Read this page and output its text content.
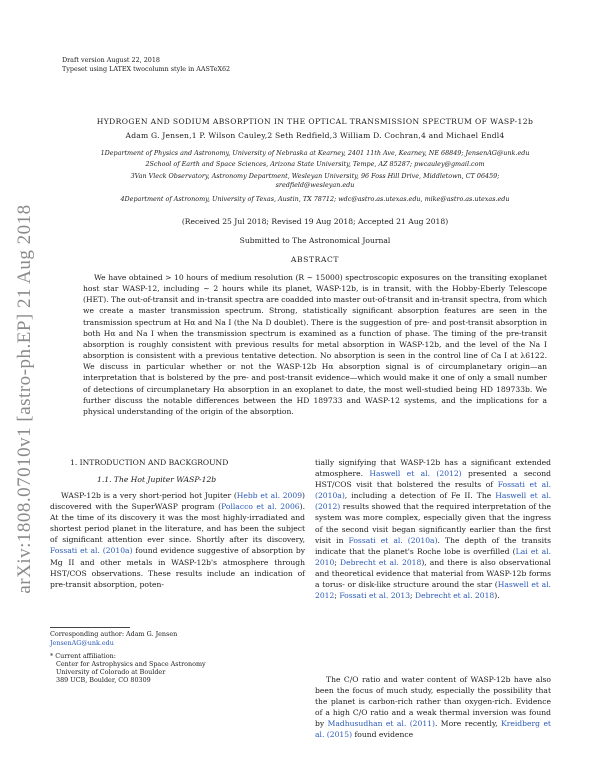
arXiv:1808.07010v1 [astro-ph.EP] 21 Aug 2018
Draft version August 22, 2018
Typeset using LATEX twocolumn style in AASTeX62
HYDROGEN AND SODIUM ABSORPTION IN THE OPTICAL TRANSMISSION SPECTRUM OF WASP-12b
Adam G. Jensen,1 P. Wilson Cauley,2 Seth Redfield,3 William D. Cochran,4 and Michael Endl4
1Department of Physics and Astronomy, University of Nebraska at Kearney, 2401 11th Ave, Kearney, NE 68849; JensenAG@unk.edu
2School of Earth and Space Sciences, Arizona State University, Tempe, AZ 85287; pwcauley@gmail.com
3Van Vleck Observatory, Astronomy Department, Wesleyan University, 96 Foss Hill Drive, Middletown, CT 06459;
sredfield@wesleyan.edu
4Department of Astronomy, University of Texas, Austin, TX 78712; wdc@astro.as.utexas.edu, mike@astro.as.utexas.edu
(Received 25 Jul 2018; Revised 19 Aug 2018; Accepted 21 Aug 2018)
Submitted to The Astronomical Journal
ABSTRACT
We have obtained > 10 hours of medium resolution (R ∼ 15000) spectroscopic exposures on the transiting exoplanet host star WASP-12, including ∼ 2 hours while its planet, WASP-12b, is in transit, with the Hobby-Eberly Telescope (HET). The out-of-transit and in-transit spectra are coadded into master out-of-transit and in-transit spectra, from which we create a master transmission spectrum. Strong, statistically significant absorption features are seen in the transmission spectrum at Hα and Na I (the Na D doublet). There is the suggestion of pre- and post-transit absorption in both Hα and Na I when the transmission spectrum is examined as a function of phase. The timing of the pre-transit absorption is roughly consistent with previous results for metal absorption in WASP-12b, and the level of the Na I absorption is consistent with a previous tentative detection. No absorption is seen in the control line of Ca I at λ6122. We discuss in particular whether or not the WASP-12b Hα absorption signal is of circumplanetary origin—an interpretation that is bolstered by the pre- and post-transit evidence—which would make it one of only a small number of detections of circumplanetary Hα absorption in an exoplanet to date, the most well-studied being HD 189733b. We further discuss the notable differences between the HD 189733 and WASP-12 systems, and the implications for a physical understanding of the origin of the absorption.
1. INTRODUCTION AND BACKGROUND
1.1. The Hot Jupiter WASP-12b
WASP-12b is a very short-period hot Jupiter (Hebb et al. 2009) discovered with the SuperWASP program (Pollacco et al. 2006). At the time of its discovery it was the most highly-irradiated and shortest period planet in the literature, and has been the subject of significant attention ever since. Shortly after its discovery, Fossati et al. (2010a) found evidence suggestive of absorption by Mg II and other metals in WASP-12b's atmosphere through HST/COS observations. These results include an indication of pre-transit absorption, poten-
Corresponding author: Adam G. Jensen
JensenAG@unk.edu
* Current affiliation:
Center for Astrophysics and Space Astronomy
University of Colorado at Boulder
389 UCB, Boulder, CO 80309
tially signifying that WASP-12b has a significant extended atmosphere. Haswell et al. (2012) presented a second HST/COS visit that bolstered the results of Fossati et al. (2010a), including a detection of Fe II. The Haswell et al. (2012) results showed that the required interpretation of the system was more complex, especially given that the ingress of the second visit began significantly earlier than the first visit in Fossati et al. (2010a). The depth of the transits indicate that the planet's Roche lobe is overfilled (Lai et al. 2010; Debrecht et al. 2018), and there is also observational and theoretical evidence that material from WASP-12b forms a torus- or disk-like structure around the star (Haswell et al. 2012; Fossati et al. 2013; Debrecht et al. 2018).
The C/O ratio and water content of WASP-12b have also been the focus of much study, especially the possibility that the planet is carbon-rich rather than oxygen-rich. Evidence of a high C/O ratio and a weak thermal inversion was found by Madhusudhan et al. (2011). More recently, Kreidberg et al. (2015) found evidence
